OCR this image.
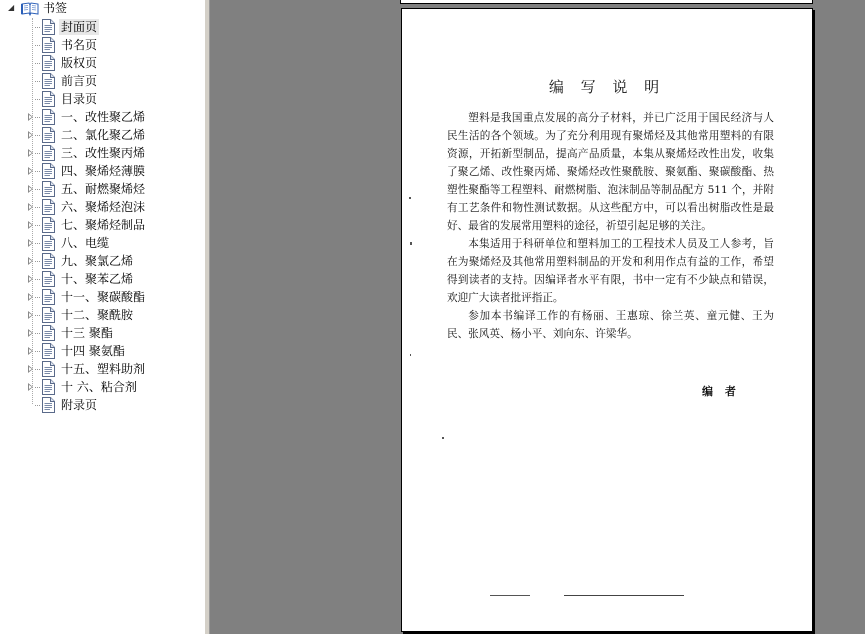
◢ 书签
封面页
书名页
版权页
前言页
目录页
一、改性聚乙烯
二、氯化聚乙烯
三、改性聚丙烯
四、聚烯烃薄膜
五、耐燃聚烯烃
六、聚烯烃泡沫
七、聚烯烃制品
八、电缆
九、聚氯乙烯
十、聚苯乙烯
十一、聚碳酸酯
十二、聚酰胺
十三 聚酯
十四 聚氨酯
十五、塑料助剂
十 六、粘合剂
附录页
编 写 说 明

塑料是我国重点发展的高分子材料，并已广泛用于国民经济与人民生活的各个领域。为了充分利用现有聚烯烃及其他常用塑料的有限资源，开拓新型制品，提高产品质量，本集从聚烯烃改性出发，收集了聚乙烯、改性聚丙烯、聚烯烃改性聚酰胺、聚氨酯、聚碳酸酯、热塑性聚酯等工程塑料、耐燃树脂、泡沫制品等制品配方 511 个，并附有工艺条件和物性测试数据。从这些配方中，可以看出树脂改性是最好、最省的发展常用塑料的途径，祈望引起足够的关注。

本集适用于科研单位和塑料加工的工程技术人员及工人参考，旨在为聚烯烃及其他常用塑料制品的开发和利用作点有益的工作，希望得到读者的支持。因编译者水平有限，书中一定有不少缺点和错误，欢迎广大读者批评指正。

参加本书编译工作的有杨丽、王惠琼、徐兰英、童元健、王为民、张风英、杨小平、刘向东、许梁华。

编 者
